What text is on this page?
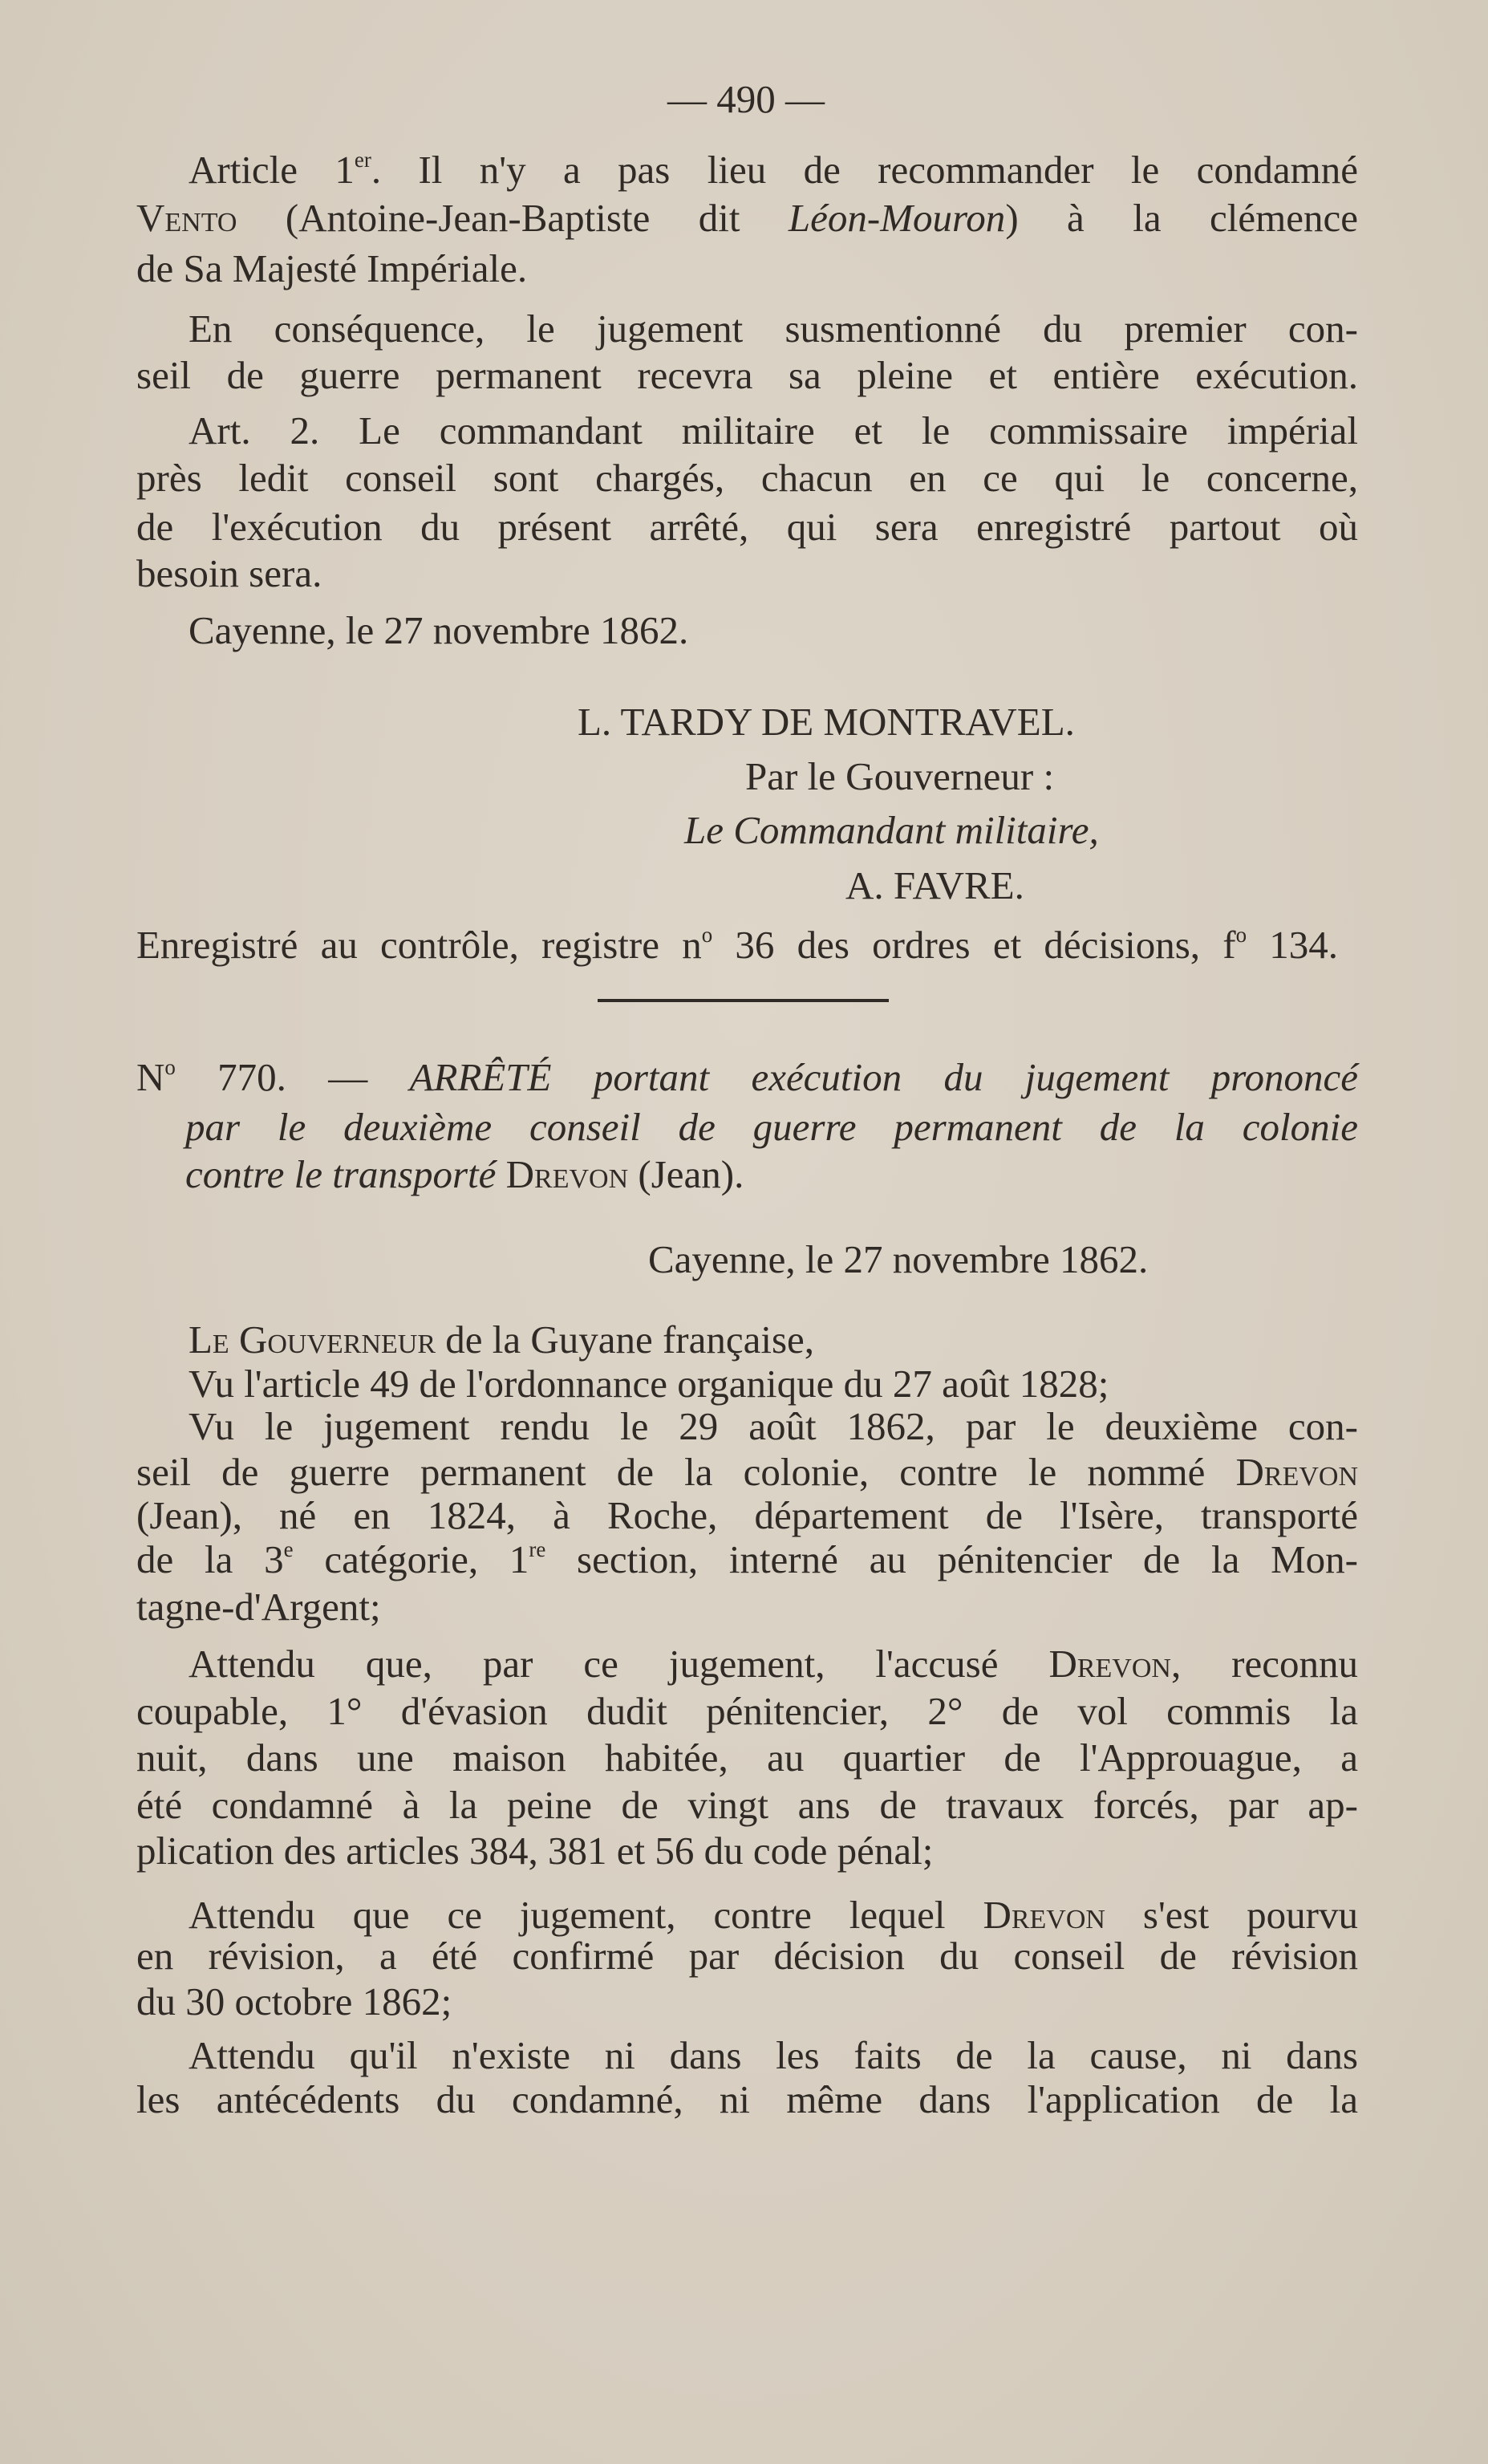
— 490 —
Article 1er. Il n'y a pas lieu de recommander le condamné
Vento (Antoine-Jean-Baptiste dit Léon-Mouron) à la clémence
de Sa Majesté Impériale.
En conséquence, le jugement susmentionné du premier con-
seil de guerre permanent recevra sa pleine et entière exécution.
Art. 2. Le commandant militaire et le commissaire impérial
près ledit conseil sont chargés, chacun en ce qui le concerne,
de l'exécution du présent arrêté, qui sera enregistré partout où
besoin sera.
Cayenne, le 27 novembre 1862.
L. TARDY DE MONTRAVEL.
Par le Gouverneur :
Le Commandant militaire,
A. FAVRE.
Enregistré au contrôle, registre $n^o$ 36 des ordres et décisions, $f^o$ 134.
$N^o$ 770. — ARRÊTÉ portant exécution du jugement prononcé
par le deuxième conseil de guerre permanent de la colonie
contre le transporté Drevon (Jean).
Cayenne, le 27 novembre 1862.
Le Gouverneur de la Guyane française,
Vu l'article 49 de l'ordonnance organique du 27 août 1828;
Vu le jugement rendu le 29 août 1862, par le deuxième con-
seil de guerre permanent de la colonie, contre le nommé Drevon
(Jean), né en 1824, à Roche, département de l'Isère, transporté
de la 3e catégorie, 1re section, interné au pénitencier de la Mon-
tagne-d'Argent;
Attendu que, par ce jugement, l'accusé Drevon, reconnu
coupable, 1° d'évasion dudit pénitencier, 2° de vol commis la
nuit, dans une maison habitée, au quartier de l'Approuague, a
été condamné à la peine de vingt ans de travaux forcés, par ap-
plication des articles 384, 381 et 56 du code pénal;
Attendu que ce jugement, contre lequel Drevon s'est pourvu
en révision, a été confirmé par décision du conseil de révision
du 30 octobre 1862;
Attendu qu'il n'existe ni dans les faits de la cause, ni dans
les antécédents du condamné, ni même dans l'application de la
